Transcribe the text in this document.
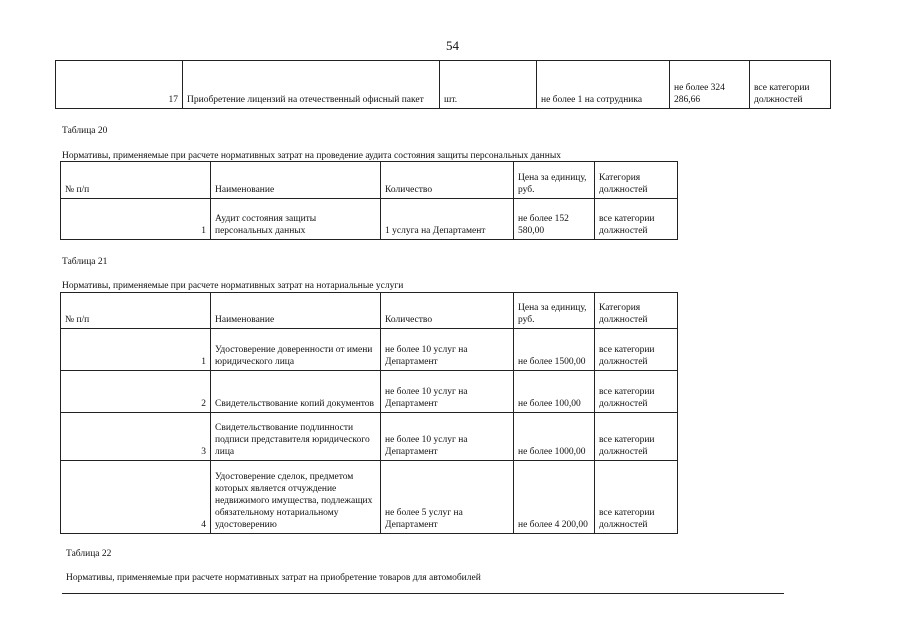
54
17	Приобретение лицензий на отечественный офисный пакет	шт.	не более 1 на сотрудника	не более 324 286,66	все категории должностей
Таблица 20
Нормативы, применяемые при расчете нормативных затрат на проведение аудита состояния защиты персональных данных
№ п/п	Наименование	Количество	Цена за единицу, руб.	Категория должностей
1	Аудит состояния защиты персональных данных	1 услуга на Департамент	не более 152 580,00	все категории должностей
Таблица 21
Нормативы, применяемые при расчете нормативных затрат на нотариальные услуги
№ п/п	Наименование	Количество	Цена за единицу, руб.	Категория должностей
1	Удостоверение доверенности от имени юридического лица	не более 10 услуг на Департамент	не более 1500,00	все категории должностей
2	Свидетельствование копий документов	не более 10 услуг на Департамент	не более 100,00	все категории должностей
3	Свидетельствование подлинности подписи представителя юридического лица	не более 10 услуг на Департамент	не более 1000,00	все категории должностей
4	Удостоверение сделок, предметом которых является отчуждение недвижимого имущества, подлежащих обязательному нотариальному удостоверению	не более 5 услуг на Департамент	не более 4 200,00	все категории должностей
Таблица 22
Нормативы, применяемые при расчете нормативных затрат на приобретение товаров для автомобилей
